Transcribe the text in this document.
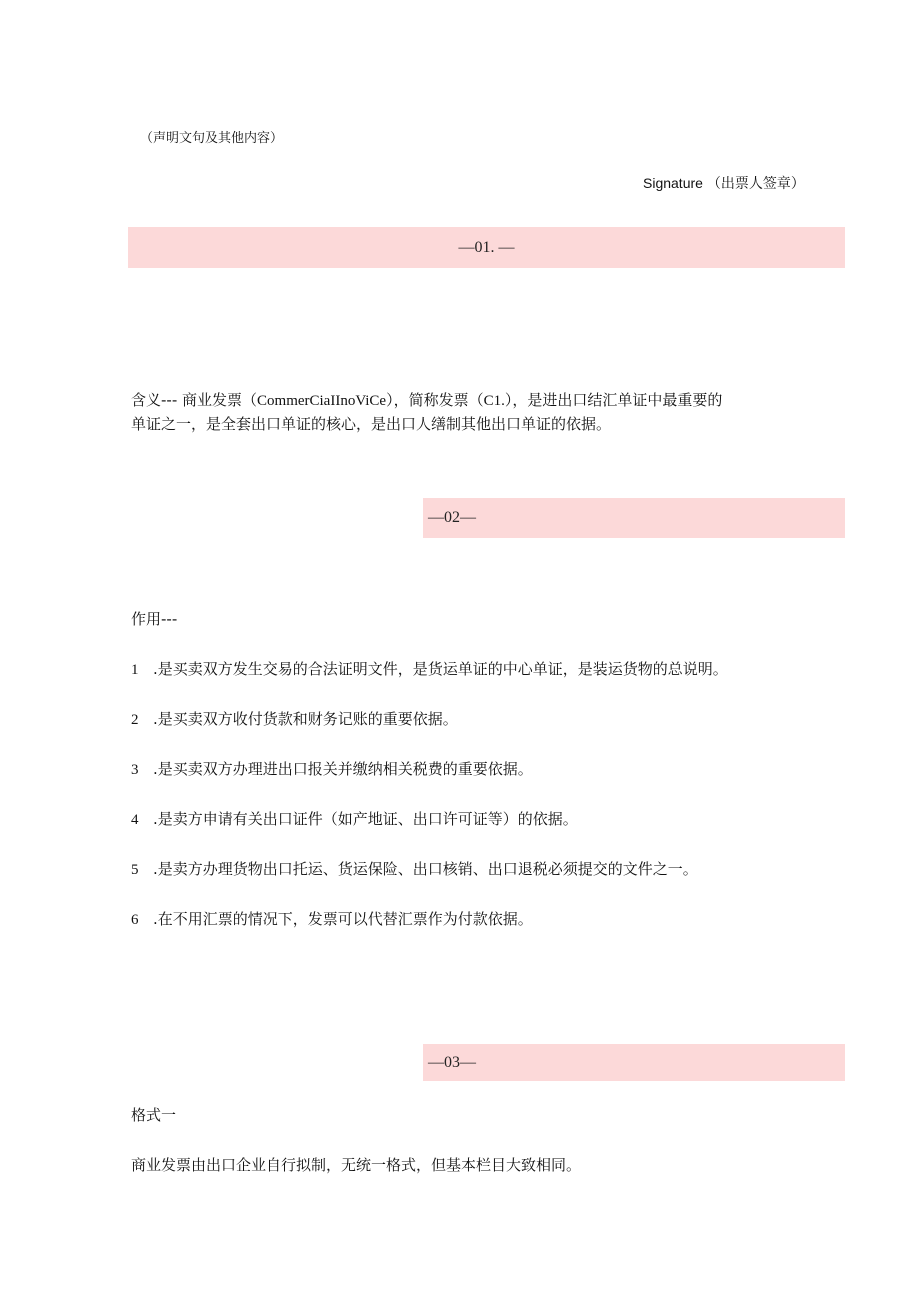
（声明文句及其他内容）
Signature （出票人签章）
—01. —
含义--- 商业发票（CommerCiaIInoViCe），简称发票（C1.），是进出口结汇单证中最重要的
单证之一，是全套出口单证的核心，是出口人缮制其他出口单证的依据。
—02—
作用---
1 .是买卖双方发生交易的合法证明文件，是货运单证的中心单证，是装运货物的总说明。
2 .是买卖双方收付货款和财务记账的重要依据。
3 .是买卖双方办理进出口报关并缴纳相关税费的重要依据。
4 .是卖方申请有关出口证件（如产地证、出口许可证等）的依据。
5 .是卖方办理货物出口托运、货运保险、出口核销、出口退税必须提交的文件之一。
6 .在不用汇票的情况下，发票可以代替汇票作为付款依据。
—03—
格式一
商业发票由出口企业自行拟制，无统一格式，但基本栏目大致相同。
